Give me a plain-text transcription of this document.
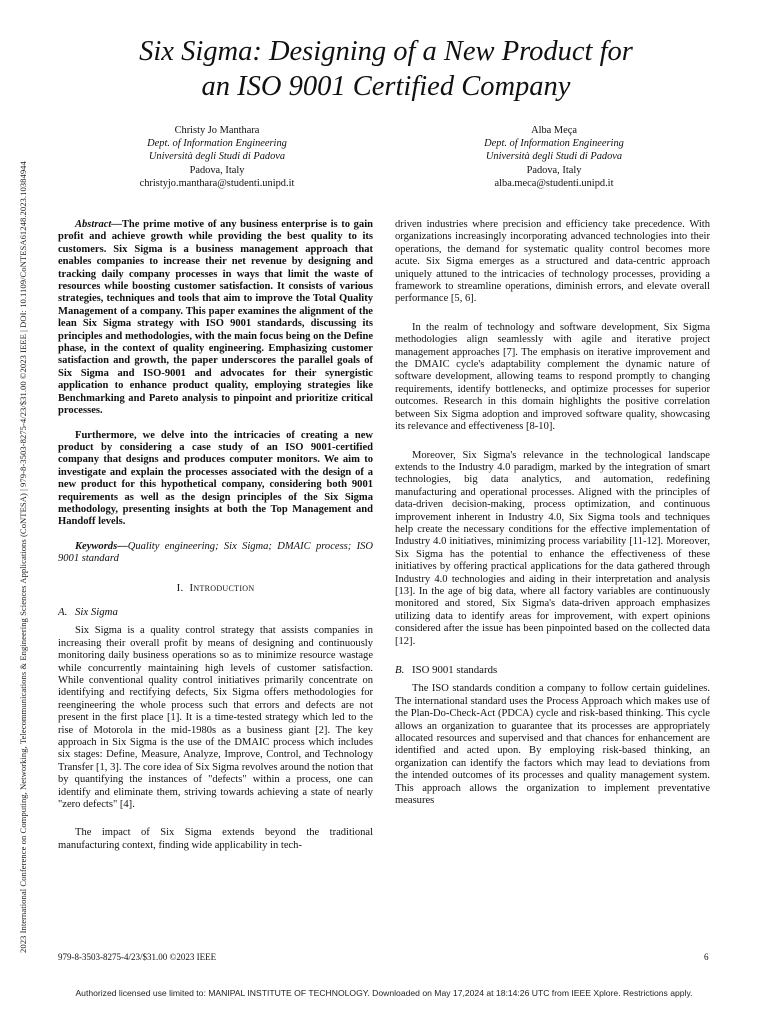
2023 International Conference on Computing, Networking, Telecommunications & Engineering Sciences Applications (CoNTESA) | 979-8-3503-8275-4/23/$31.00 ©2023 IEEE | DOI: 10.1109/CoNTESA61248.2023.10384944
Six Sigma: Designing of a New Product for
an ISO 9001 Certified Company
Christy Jo Manthara
Dept. of Information Engineering
Università degli Studi di Padova
Padova, Italy
christyjo.manthara@studenti.unipd.it
Alba Meça
Dept. of Information Engineering
Università degli Studi di Padova
Padova, Italy
alba.meca@studenti.unipd.it

Abstract—The prime motive of any business enterprise is to gain profit and achieve growth while providing the best quality to its customers. Six Sigma is a business management approach that enables companies to increase their net revenue by designing and tracking daily company processes in ways that limit the waste of resources while boosting customer satisfaction. It consists of various strategies, techniques and tools that aim to improve the Total Quality Management of a company. This paper examines the alignment of the lean Six Sigma strategy with ISO 9001 standards, discussing its principles and methodologies, with the main focus being on the Define phase, in the context of quality engineering. Emphasizing customer satisfaction and growth, the paper underscores the parallel goals of Six Sigma and ISO-9001 and advocates for their synergistic application to enhance product quality, employing strategies like Benchmarking and Pareto analysis to pinpoint and prioritize critical processes.

Furthermore, we delve into the intricacies of creating a new product by considering a case study of an ISO 9001-certified company that designs and produces computer monitors. We aim to investigate and explain the processes associated with the design of a new product for this hypothetical company, considering both 9001 requirements as well as the design principles of the Six Sigma methodology, presenting insights at both the Top Management and Handoff levels.

Keywords—Quality engineering; Six Sigma; DMAIC process; ISO 9001 standard

I. Introduction
A. Six Sigma

Six Sigma is a quality control strategy that assists companies in increasing their overall profit by means of designing and continuously monitoring daily business operations so as to minimize resource wastage while concurrently maintaining high levels of customer satisfaction. While conventional quality control initiatives primarily concentrate on identifying and rectifying defects, Six Sigma offers methodologies for reengineering the whole process such that errors and defects are not present in the first place [1]. It is a time-tested strategy which led to the rise of Motorola in the mid-1980s as a business giant [2]. The key approach in Six Sigma is the use of the DMAIC process which includes six stages: Define, Measure, Analyze, Improve, Control, and Technology Transfer [1, 3]. The core idea of Six Sigma revolves around the notion that by quantifying the instances of "defects" within a process, one can identify and eliminate them, striving towards achieving a state of nearly "zero defects" [4].

The impact of Six Sigma extends beyond the traditional manufacturing context, finding wide applicability in tech-

driven industries where precision and efficiency take precedence. With organizations increasingly incorporating advanced technologies into their operations, the demand for systematic quality control becomes more acute. Six Sigma emerges as a structured and data-centric approach uniquely attuned to the intricacies of technology processes, providing a framework to streamline operations, diminish errors, and elevate overall performance [5, 6].

In the realm of technology and software development, Six Sigma methodologies align seamlessly with agile and iterative project management approaches [7]. The emphasis on iterative improvement and the DMAIC cycle's adaptability complement the dynamic nature of software development, allowing teams to respond promptly to changing requirements, identify bottlenecks, and optimize processes for superior outcomes. Research in this domain highlights the positive correlation between Six Sigma adoption and improved software quality, showcasing its relevance and effectiveness [8-10].

Moreover, Six Sigma's relevance in the technological landscape extends to the Industry 4.0 paradigm, marked by the integration of smart technologies, big data analytics, and automation, redefining manufacturing and operational processes. Aligned with the principles of data-driven decision-making, process optimization, and continuous improvement inherent in Industry 4.0, Six Sigma tools and techniques help create the necessary conditions for the effective implementation of Industry 4.0 initiatives, minimizing process variability [11-12]. Moreover, Six Sigma has the potential to enhance the effectiveness of these initiatives by offering practical applications for the data gathered through Industry 4.0 technologies and aiding in their interpretation and analysis [13]. In the age of big data, where all factory variables are continuously monitored and stored, Six Sigma's data-driven approach emphasizes utilizing data to identify areas for improvement, with expert opinions considered after the issue has been pinpointed based on the collected data [12].

B. ISO 9001 standards

The ISO standards condition a company to follow certain guidelines. The international standard uses the Process Approach which makes use of the Plan-Do-Check-Act (PDCA) cycle and risk-based thinking. This cycle allows an organization to guarantee that its processes are appropriately allocated resources and supervised and that chances for enhancement are identified and acted upon. By employing risk-based thinking, an organization can identify the factors which may lead to deviations from the intended outcomes of its processes and quality management system. This approach allows the organization to implement preventative measures

979-8-3503-8275-4/23/$31.00 ©2023 IEEE	6
Authorized licensed use limited to: MANIPAL INSTITUTE OF TECHNOLOGY. Downloaded on May 17,2024 at 18:14:26 UTC from IEEE Xplore. Restrictions apply.
